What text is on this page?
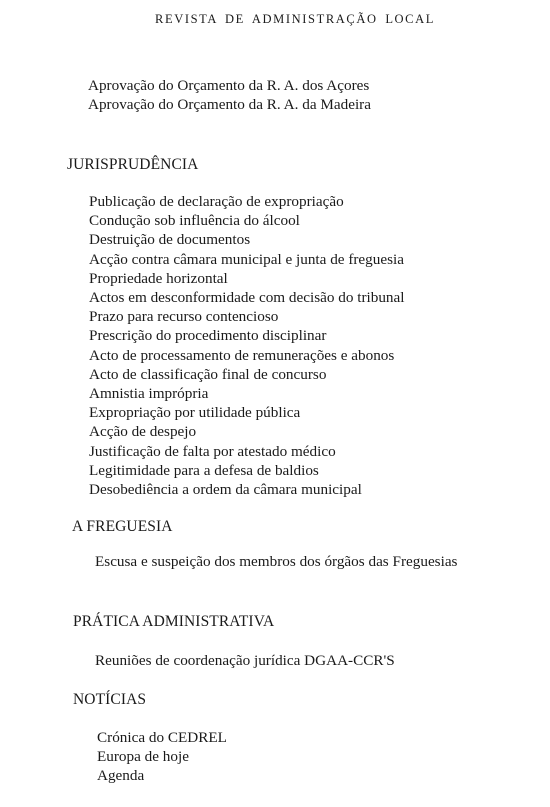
REVISTA DE ADMINISTRAÇÃO LOCAL
Aprovação do Orçamento da R. A. dos Açores
Aprovação do Orçamento da R. A. da Madeira
JURISPRUDÊNCIA
Publicação de declaração de expropriação
Condução sob influência do álcool
Destruição de documentos
Acção contra câmara municipal e junta de freguesia
Propriedade horizontal
Actos em desconformidade com decisão do tribunal
Prazo para recurso contencioso
Prescrição do procedimento disciplinar
Acto de processamento de remunerações e abonos
Acto de classificação final de concurso
Amnistia imprópria
Expropriação por utilidade pública
Acção de despejo
Justificação de falta por atestado médico
Legitimidade para a defesa de baldios
Desobediência a ordem da câmara municipal
A FREGUESIA
Escusa e suspeição dos membros dos órgãos das Freguesias
PRÁTICA ADMINISTRATIVA
Reuniões de coordenação jurídica DGAA-CCR'S
NOTÍCIAS
Crónica do CEDREL
Europa de hoje
Agenda
